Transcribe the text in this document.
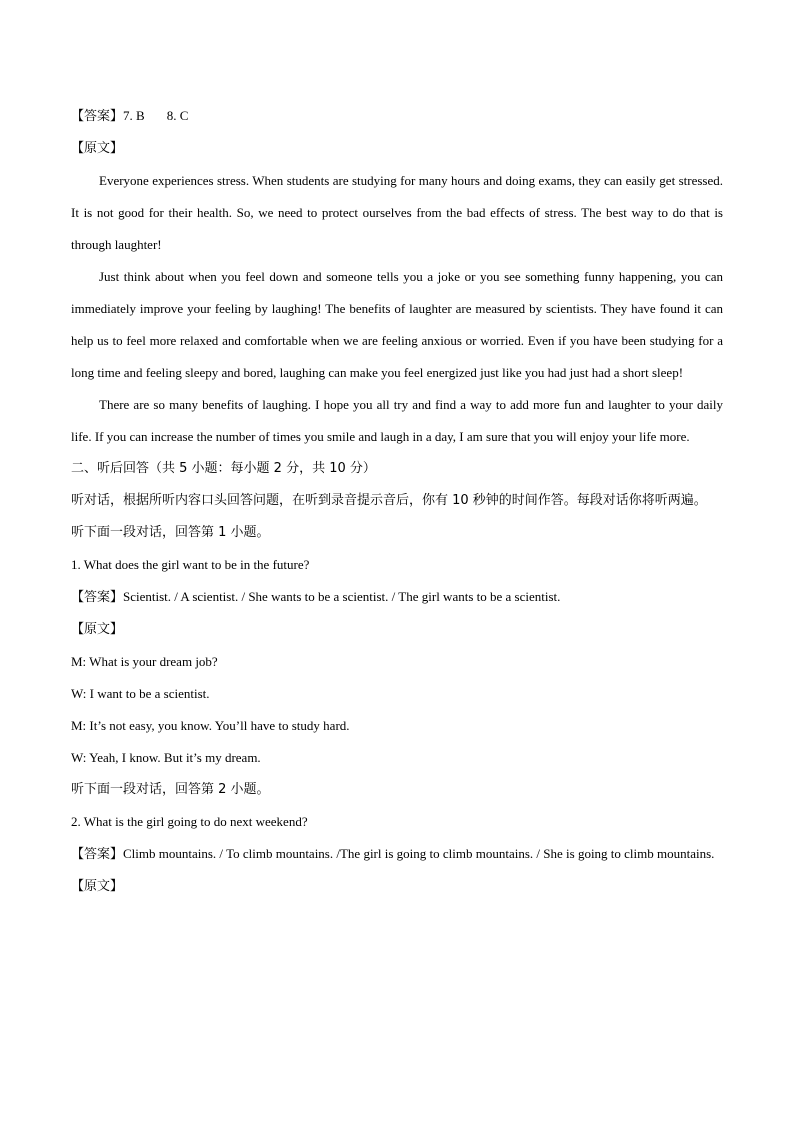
【答案】7. B 8. C

【原文】

Everyone experiences stress. When students are studying for many hours and doing exams, they can easily get stressed. It is not good for their health. So, we need to protect ourselves from the bad effects of stress. The best way to do that is through laughter!

Just think about when you feel down and someone tells you a joke or you see something funny happening, you can immediately improve your feeling by laughing! The benefits of laughter are measured by scientists. They have found it can help us to feel more relaxed and comfortable when we are feeling anxious or worried. Even if you have been studying for a long time and feeling sleepy and bored, laughing can make you feel energized just like you had just had a short sleep!

There are so many benefits of laughing. I hope you all try and find a way to add more fun and laughter to your daily life. If you can increase the number of times you smile and laugh in a day, I am sure that you will enjoy your life more.

二、听后回答（共 5 小题：每小题 2 分，共 10 分）

听对话，根据所听内容口头回答问题，在听到录音提示音后，你有 10 秒钟的时间作答。每段对话你将听两遍。

听下面一段对话，回答第 1 小题。

1. What does the girl want to be in the future?

【答案】Scientist. / A scientist. / She wants to be a scientist. / The girl wants to be a scientist.

【原文】

M: What is your dream job?

W: I want to be a scientist.

M: It’s not easy, you know. You’ll have to study hard.

W: Yeah, I know. But it’s my dream.

听下面一段对话，回答第 2 小题。

2. What is the girl going to do next weekend?

【答案】Climb mountains. / To climb mountains. /The girl is going to climb mountains. / She is going to climb mountains.

【原文】
